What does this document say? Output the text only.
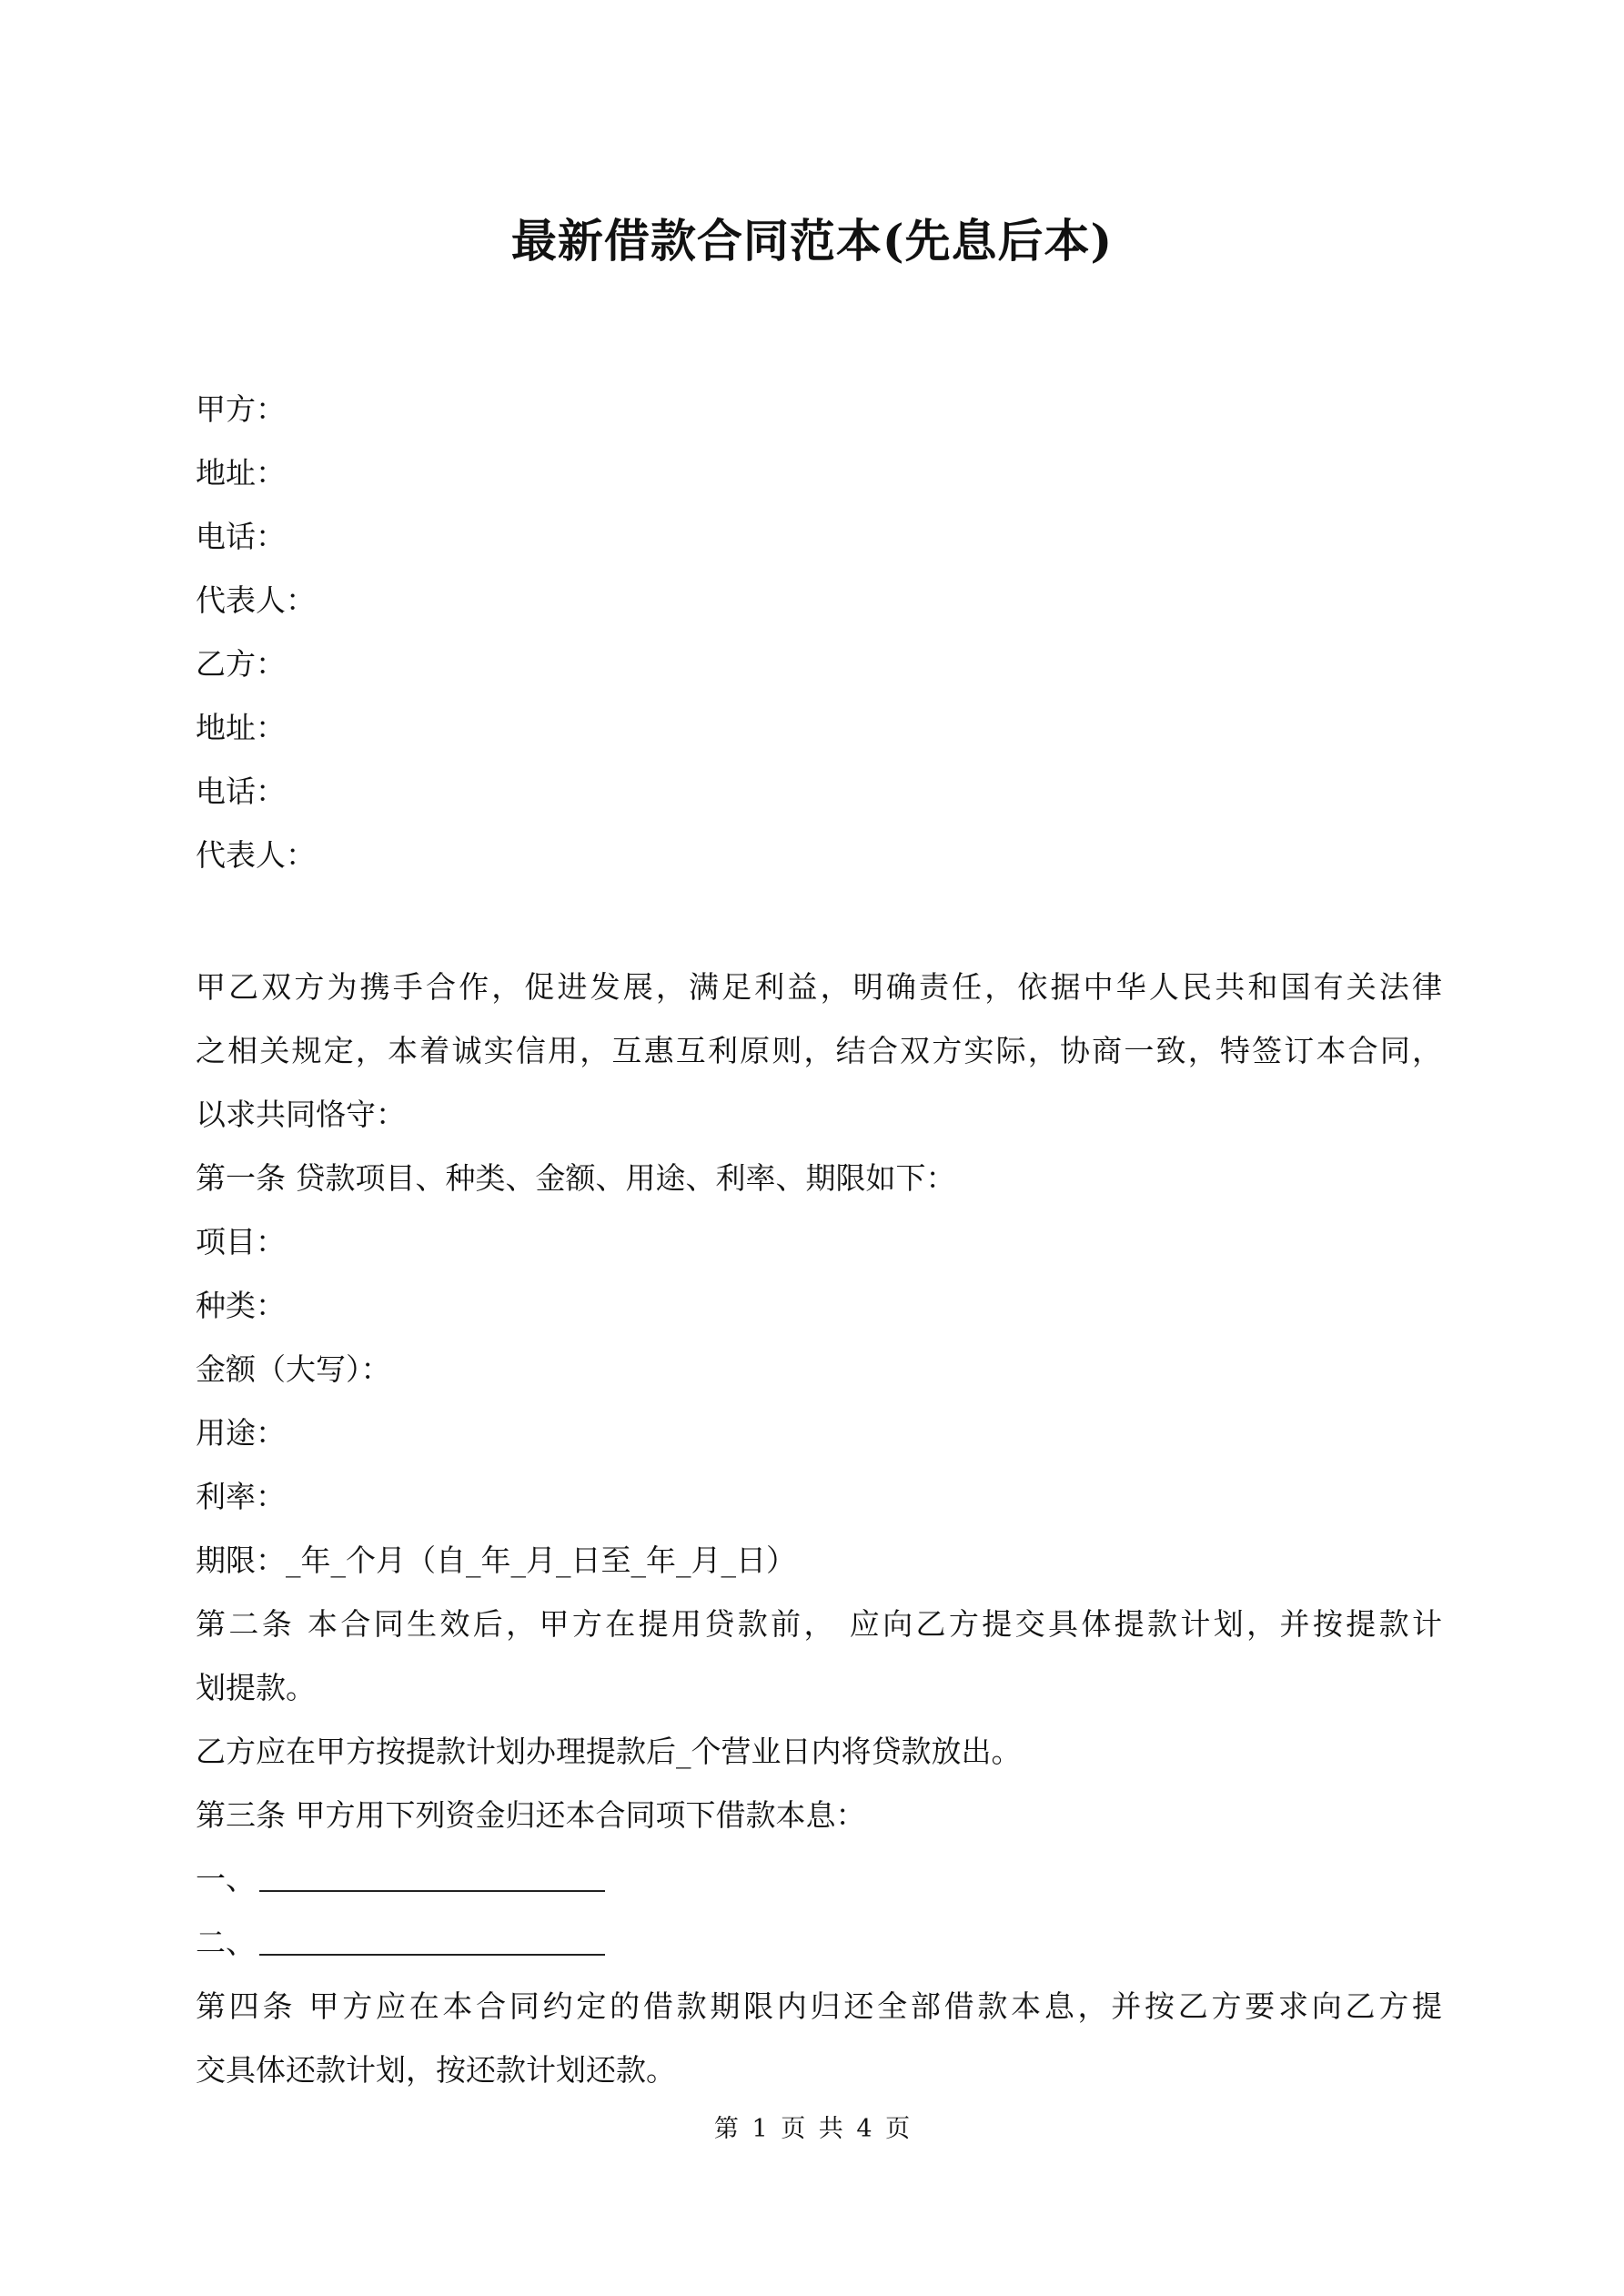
最新借款合同范本(先息后本)
甲方：
地址：
电话：
代表人：
乙方：
地址：
电话：
代表人：
甲乙双方为携手合作，促进发展，满足利益，明确责任，依据中华人民共和国有关法律
之相关规定，本着诚实信用，互惠互利原则，结合双方实际，协商一致，特签订本合同，
以求共同恪守：
第一条 贷款项目、种类、金额、用途、利率、期限如下：
项目：
种类：
金额（大写）：
用途：
利率：
期限：_年_个月（自_年_月_日至_年_月_日）
第二条 本合同生效后，甲方在提用贷款前， 应向乙方提交具体提款计划，并按提款计
划提款。
乙方应在甲方按提款计划办理提款后_个营业日内将贷款放出。
第三条 甲方用下列资金归还本合同项下借款本息：
一、
二、
第四条 甲方应在本合同约定的借款期限内归还全部借款本息，并按乙方要求向乙方提
交具体还款计划，按还款计划还款。
第 1 页 共 4 页
